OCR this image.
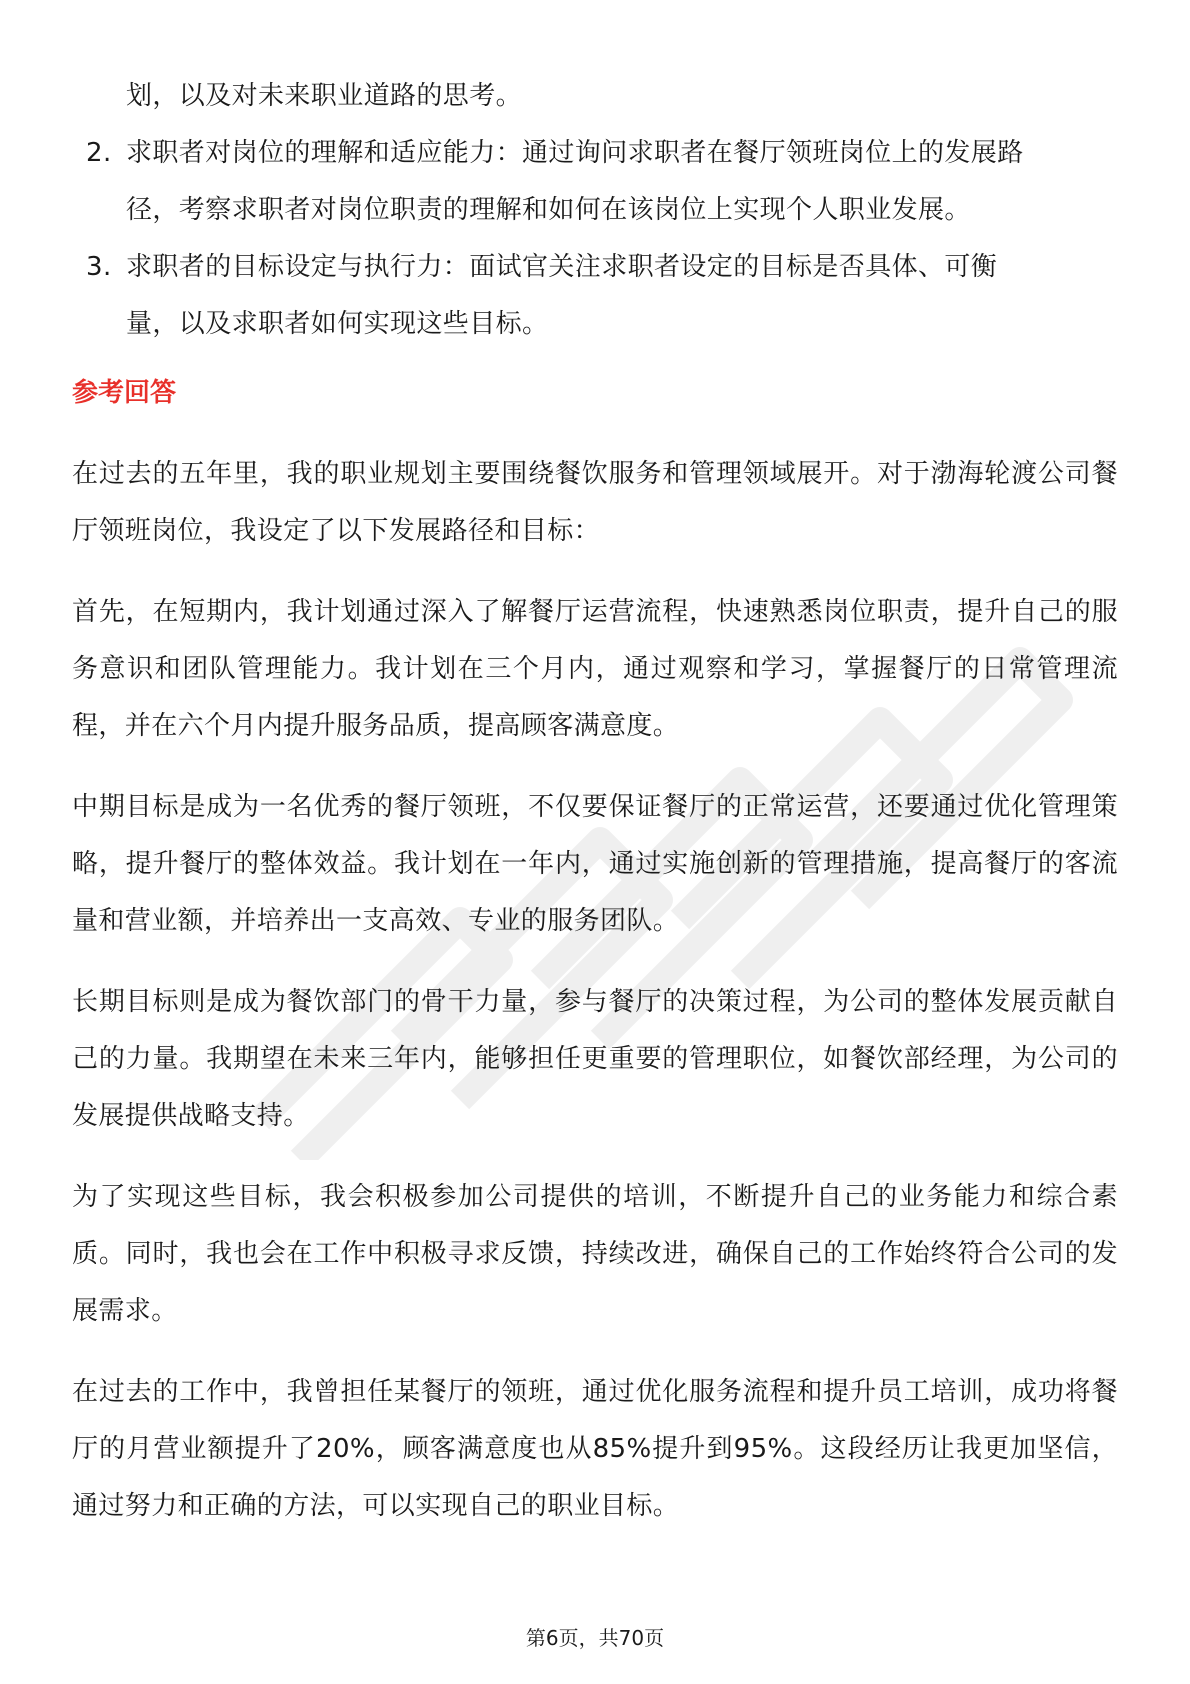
划，以及对未来职业道路的思考。
2. 求职者对岗位的理解和适应能力：通过询问求职者在餐厅领班岗位上的发展路
径，考察求职者对岗位职责的理解和如何在该岗位上实现个人职业发展。
3. 求职者的目标设定与执行力：面试官关注求职者设定的目标是否具体、可衡
量，以及求职者如何实现这些目标。
参考回答
在过去的五年里，我的职业规划主要围绕餐饮服务和管理领域展开。对于渤海轮渡公司餐厅领班岗位，我设定了以下发展路径和目标：
首先，在短期内，我计划通过深入了解餐厅运营流程，快速熟悉岗位职责，提升自己的服务意识和团队管理能力。我计划在三个月内，通过观察和学习，掌握餐厅的日常管理流程，并在六个月内提升服务品质，提高顾客满意度。
中期目标是成为一名优秀的餐厅领班，不仅要保证餐厅的正常运营，还要通过优化管理策略，提升餐厅的整体效益。我计划在一年内，通过实施创新的管理措施，提高餐厅的客流量和营业额，并培养出一支高效、专业的服务团队。
长期目标则是成为餐饮部门的骨干力量，参与餐厅的决策过程，为公司的整体发展贡献自己的力量。我期望在未来三年内，能够担任更重要的管理职位，如餐饮部经理，为公司的发展提供战略支持。
为了实现这些目标，我会积极参加公司提供的培训，不断提升自己的业务能力和综合素质。同时，我也会在工作中积极寻求反馈，持续改进，确保自己的工作始终符合公司的发展需求。
在过去的工作中，我曾担任某餐厅的领班，通过优化服务流程和提升员工培训，成功将餐厅的月营业额提升了20%，顾客满意度也从85%提升到95%。这段经历让我更加坚信，通过努力和正确的方法，可以实现自己的职业目标。
第6页，共70页
